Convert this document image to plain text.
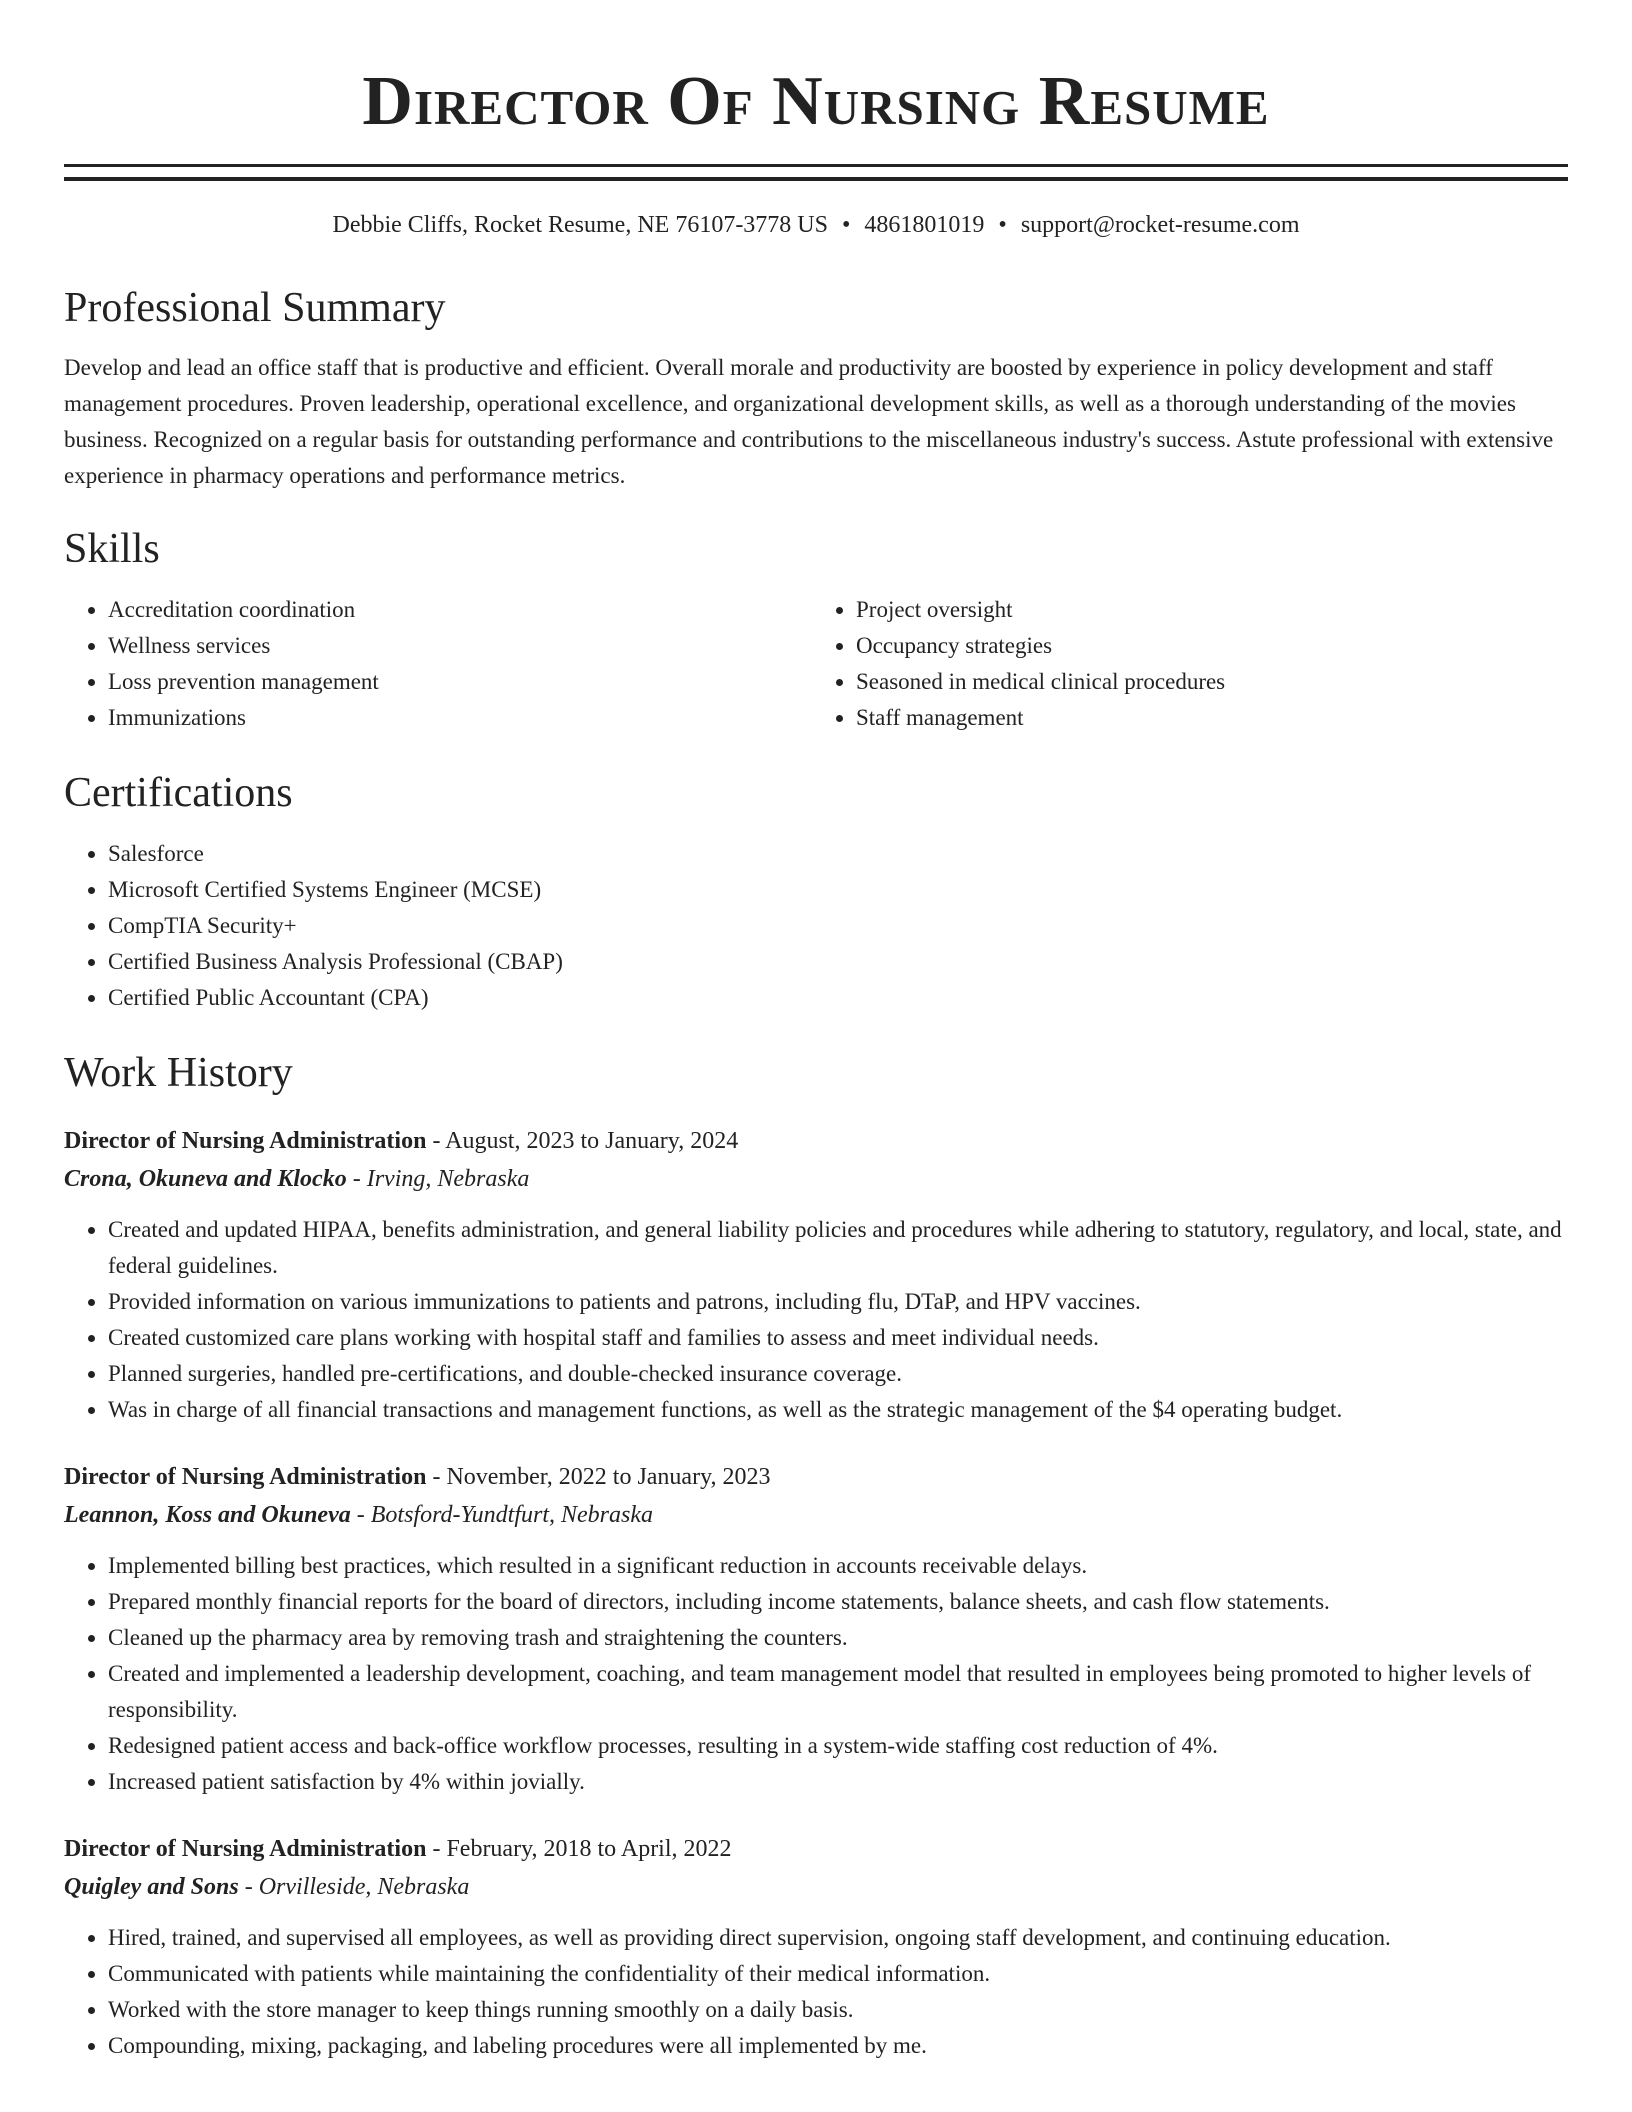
Director Of Nursing Resume
Debbie Cliffs, Rocket Resume, NE 76107-3778 US • 4861801019 • support@rocket-resume.com
Professional Summary

Develop and lead an office staff that is productive and efficient. Overall morale and productivity are boosted by experience in policy development and staff management procedures. Proven leadership, operational excellence, and organizational development skills, as well as a thorough understanding of the movies business. Recognized on a regular basis for outstanding performance and contributions to the miscellaneous industry's success. Astute professional with extensive experience in pharmacy operations and performance metrics.

Skills
• Accreditation coordination
• Wellness services
• Loss prevention management
• Immunizations
• Project oversight
• Occupancy strategies
• Seasoned in medical clinical procedures
• Staff management
Certifications
• Salesforce
• Microsoft Certified Systems Engineer (MCSE)
• CompTIA Security+
• Certified Business Analysis Professional (CBAP)
• Certified Public Accountant (CPA)
Work History
Director of Nursing Administration - August, 2023 to January, 2024
Crona, Okuneva and Klocko - Irving, Nebraska
• Created and updated HIPAA, benefits administration, and general liability policies and procedures while adhering to statutory, regulatory, and local, state, and federal guidelines.
• Provided information on various immunizations to patients and patrons, including flu, DTaP, and HPV vaccines.
• Created customized care plans working with hospital staff and families to assess and meet individual needs.
• Planned surgeries, handled pre-certifications, and double-checked insurance coverage.
• Was in charge of all financial transactions and management functions, as well as the strategic management of the $4 operating budget.
Director of Nursing Administration - November, 2022 to January, 2023
Leannon, Koss and Okuneva - Botsford-Yundtfurt, Nebraska
• Implemented billing best practices, which resulted in a significant reduction in accounts receivable delays.
• Prepared monthly financial reports for the board of directors, including income statements, balance sheets, and cash flow statements.
• Cleaned up the pharmacy area by removing trash and straightening the counters.
• Created and implemented a leadership development, coaching, and team management model that resulted in employees being promoted to higher levels of responsibility.
• Redesigned patient access and back-office workflow processes, resulting in a system-wide staffing cost reduction of 4%.
• Increased patient satisfaction by 4% within jovially.
Director of Nursing Administration - February, 2018 to April, 2022
Quigley and Sons - Orvilleside, Nebraska
• Hired, trained, and supervised all employees, as well as providing direct supervision, ongoing staff development, and continuing education.
• Communicated with patients while maintaining the confidentiality of their medical information.
• Worked with the store manager to keep things running smoothly on a daily basis.
• Compounding, mixing, packaging, and labeling procedures were all implemented by me.
